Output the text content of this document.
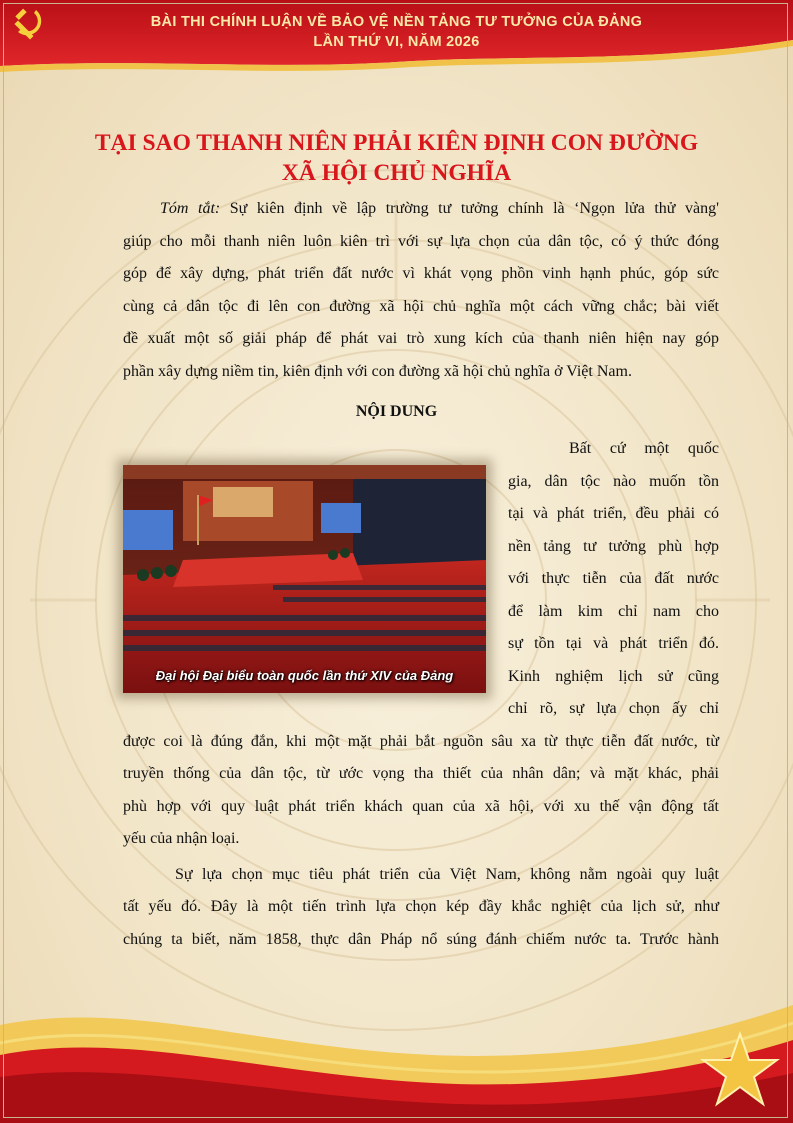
BÀI THI CHÍNH LUẬN VỀ BẢO VỆ NỀN TẢNG TƯ TƯỞNG CỦA ĐẢNG
LẦN THỨ VI, NĂM 2026
TẠI SAO THANH NIÊN PHẢI KIÊN ĐỊNH CON ĐƯỜNG
XÃ HỘI CHỦ NGHĨA
Tóm tắt: Sự kiên định về lập trường tư tưởng chính là ‘Ngọn lửa thử vàng'
giúp cho mỗi thanh niên luôn kiên trì với sự lựa chọn của dân tộc, có ý thức đóng
góp để xây dựng, phát triển đất nước vì khát vọng phồn vinh hạnh phúc, góp sức
cùng cả dân tộc đi lên con đường xã hội chủ nghĩa một cách vững chắc; bài viết
đề xuất một số giải pháp để phát vai trò xung kích của thanh niên hiện nay góp
phần xây dựng niềm tin, kiên định với con đường xã hội chủ nghĩa ở Việt Nam.
NỘI DUNG
Đại hội Đại biểu toàn quốc lần thứ XIV của Đảng
Bất cứ một quốc
gia, dân tộc nào muốn tồn
tại và phát triển, đều phải có
nền tảng tư tưởng phù hợp
với thực tiễn của đất nước
để làm kim chỉ nam cho
sự tồn tại và phát triển đó.
Kinh nghiệm lịch sử cũng
chỉ rõ, sự lựa chọn ấy chỉ
được coi là đúng đắn, khi một mặt phải bắt nguồn sâu xa từ thực tiễn đất nước, từ
truyền thống của dân tộc, từ ước vọng tha thiết của nhân dân; và mặt khác, phải
phù hợp với quy luật phát triển khách quan của xã hội, với xu thế vận động tất
yếu của nhận loại.
Sự lựa chọn mục tiêu phát triển của Việt Nam, không nằm ngoài quy luật
tất yếu đó. Đây là một tiến trình lựa chọn kép đầy khắc nghiệt của lịch sử, như
chúng ta biết, năm 1858, thực dân Pháp nổ súng đánh chiếm nước ta. Trước hành
